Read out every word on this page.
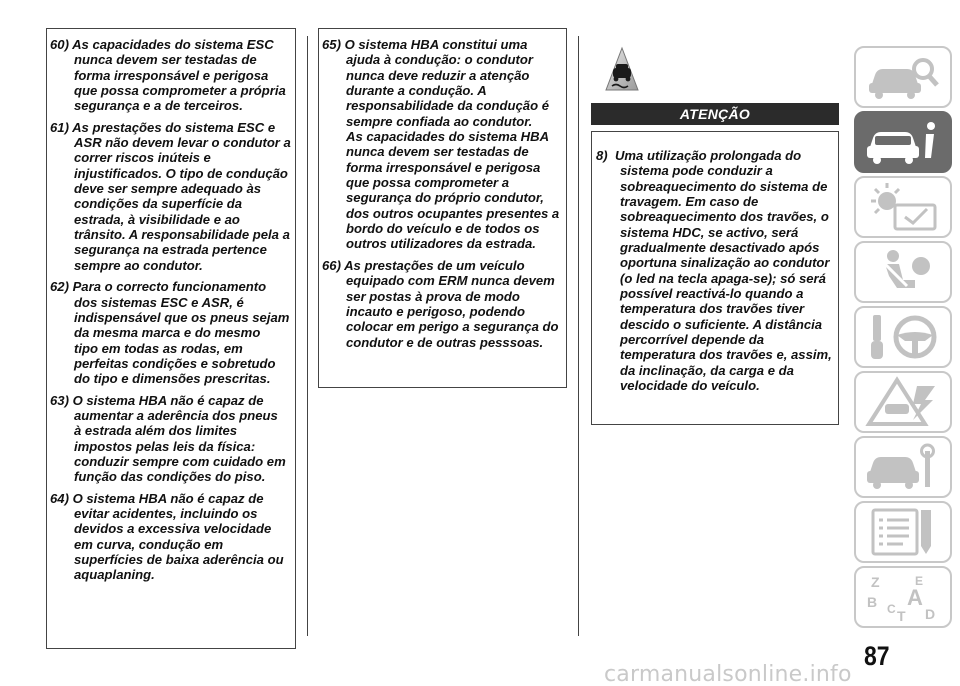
60) As capacidades do sistema ESC
nunca devem ser testadas de
forma irresponsável e perigosa
que possa comprometer a própria
segurança e a de terceiros.
61) As prestações do sistema ESC e
ASR não devem levar o condutor a
correr riscos inúteis e
injustificados. O tipo de condução
deve ser sempre adequado às
condições da superfície da
estrada, à visibilidade e ao
trânsito. A responsabilidade pela a
segurança na estrada pertence
sempre ao condutor.
62) Para o correcto funcionamento
dos sistemas ESC e ASR, é
indispensável que os pneus sejam
da mesma marca e do mesmo
tipo em todas as rodas, em
perfeitas condições e sobretudo
do tipo e dimensões prescritas.
63) O sistema HBA não é capaz de
aumentar a aderência dos pneus
à estrada além dos limites
impostos pelas leis da física:
conduzir sempre com cuidado em
função das condições do piso.
64) O sistema HBA não é capaz de
evitar acidentes, incluindo os
devidos a excessiva velocidade
em curva, condução em
superfícies de baixa aderência ou
aquaplaning.
65) O sistema HBA constitui uma
ajuda à condução: o condutor
nunca deve reduzir a atenção
durante a condução. A
responsabilidade da condução é
sempre confiada ao condutor.
As capacidades do sistema HBA
nunca devem ser testadas de
forma irresponsável e perigosa
que possa comprometer a
segurança do próprio condutor,
dos outros ocupantes presentes a
bordo do veículo e de todos os
outros utilizadores da estrada.
66) As prestações de um veículo
equipado com ERM nunca devem
ser postas à prova de modo
incauto e perigoso, podendo
colocar em perigo a segurança do
condutor e de outras pesssoas.
ATENÇÃO
8) Uma utilização prolongada do
sistema pode conduzir a
sobreaquecimento do sistema de
travagem. Em caso de
sobreaquecimento dos travões, o
sistema HDC, se activo, será
gradualmente desactivado após
oportuna sinalização ao condutor
(o led na tecla apaga-se); só será
possível reactivá-lo quando a
temperatura dos travões tiver
descido o suficiente. A distância
percorrível depende da
temperatura dos travões e, assim,
da inclinação, da carga e da
velocidade do veículo.
Z	E
B A
C D
T
87
carmanualsonline.info
